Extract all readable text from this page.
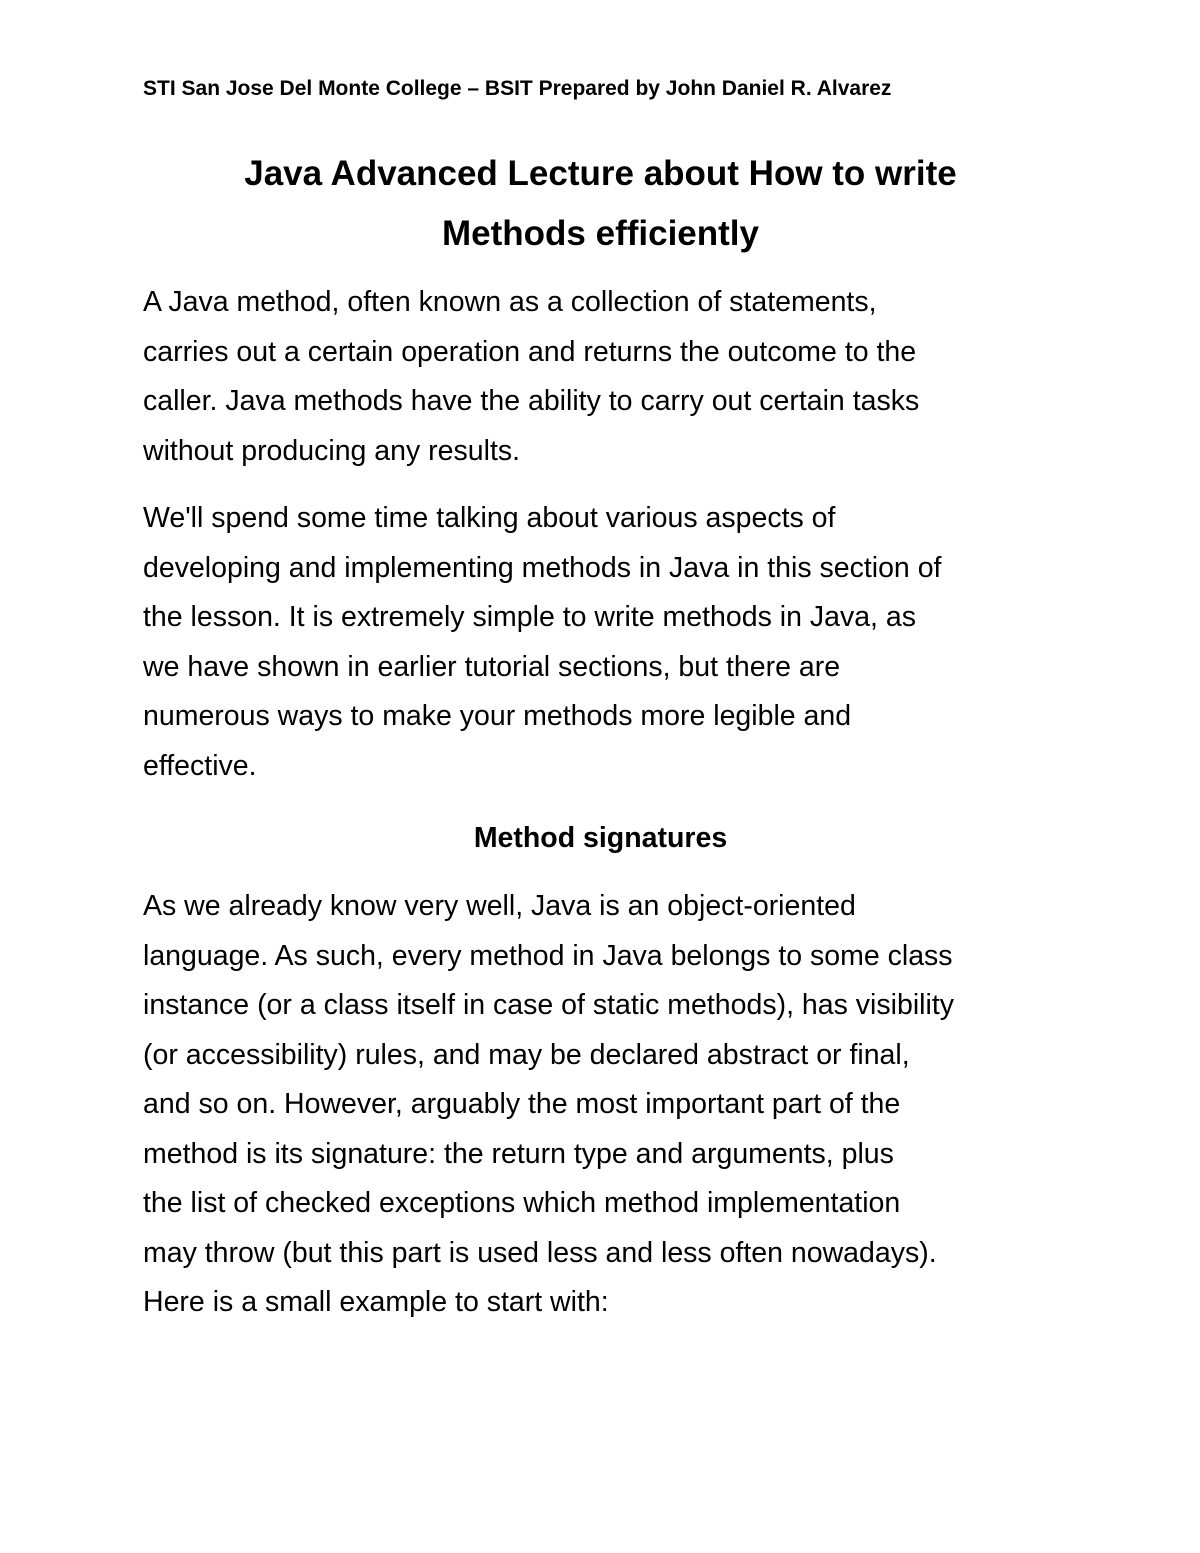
STI San Jose Del Monte College – BSIT Prepared by John Daniel R. Alvarez
Java Advanced Lecture about How to write
Methods efficiently

A Java method, often known as a collection of statements,
carries out a certain operation and returns the outcome to the
caller. Java methods have the ability to carry out certain tasks
without producing any results.

We'll spend some time talking about various aspects of
developing and implementing methods in Java in this section of
the lesson. It is extremely simple to write methods in Java, as
we have shown in earlier tutorial sections, but there are
numerous ways to make your methods more legible and
effective.

Method signatures

As we already know very well, Java is an object-oriented
language. As such, every method in Java belongs to some class
instance (or a class itself in case of static methods), has visibility
(or accessibility) rules, and may be declared abstract or final,
and so on. However, arguably the most important part of the
method is its signature: the return type and arguments, plus
the list of checked exceptions which method implementation
may throw (but this part is used less and less often nowadays).
Here is a small example to start with:
